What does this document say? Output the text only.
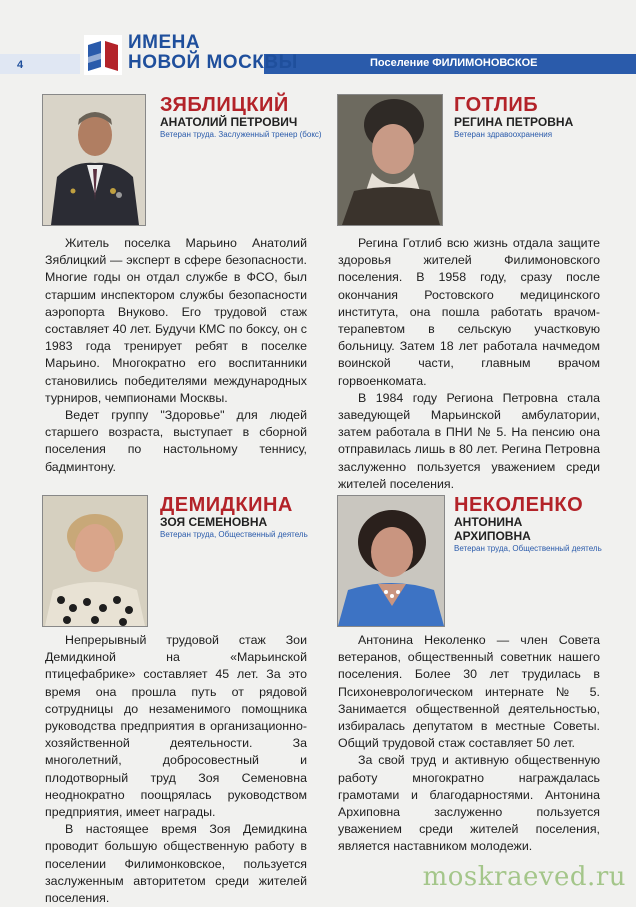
4
ИМЕНА
НОВОЙ МОСКВЫ	Поселение ФИЛИМОНОВСКОЕ
ЗЯБЛИЦКИЙ
АНАТОЛИЙ ПЕТРОВИЧ
Ветеран труда. Заслуженный тренер (бокс)

Житель поселка Марьино Анатолий Зяблицкий — эксперт в сфере безопасности. Многие годы он отдал службе в ФСО, был старшим инспектором службы безопасности аэропорта Внуково. Его трудовой стаж составляет 40 лет. Будучи КМС по боксу, он с 1983 года тренирует ребят в поселке Марьино. Многократно его воспитанники становились победителями международных турниров, чемпионами Москвы.

Ведет группу "Здоровье" для людей старшего возраста, выступает в сборной поселения по настольному теннису, бадминтону.

ГОТЛИБ
РЕГИНА ПЕТРОВНА
Ветеран здравоохранения

Регина Готлиб всю жизнь отдала защите здоровья жителей Филимоновского поселения. В 1958 году, сразу после окончания Ростовского медицинского института, она пошла работать врачом-терапевтом в сельскую участковую больницу. Затем 18 лет работала начмедом воинской части, главным врачом горвоенкомата.

В 1984 году Региона Петровна стала заведующей Марьинской амбулатории, затем работала в ПНИ № 5. На пенсию она отправилась лишь в 80 лет. Регина Петровна заслуженно пользуется уважением среди жителей поселения.

ДЕМИДКИНА
ЗОЯ СЕМЕНОВНА
Ветеран труда, Общественный деятель

Непрерывный трудовой стаж Зои Демидкиной на «Марьинской птицефабрике» составляет 45 лет. За это время она прошла путь от рядовой сотрудницы до незаменимого помощника руководства предприятия в организационно-хозяйственной деятельности. За многолетний, добросовестный и плодотворный труд Зоя Семеновна неоднократно поощрялась руководством предприятия, имеет награды.

В настоящее время Зоя Демидкина проводит большую общественную работу в поселении Филимонковское, пользуется заслуженным авторитетом среди жителей поселения.

НЕКОЛЕНКО
АНТОНИНА
АРХИПОВНА
Ветеран труда, Общественный деятель

Антонина Неколенко — член Совета ветеранов, общественный советник нашего поселения. Более 30 лет трудилась в Психоневрологическом интернате № 5. Занимается общественной деятельностью, избиралась депутатом в местные Советы. Общий трудовой стаж составляет 50 лет.

За свой труд и активную общественную работу многократно награждалась грамотами и благодарностями. Антонина Архиповна заслуженно пользуется уважением среди жителей поселения, является наставником молодежи.

moskraeved.ru
